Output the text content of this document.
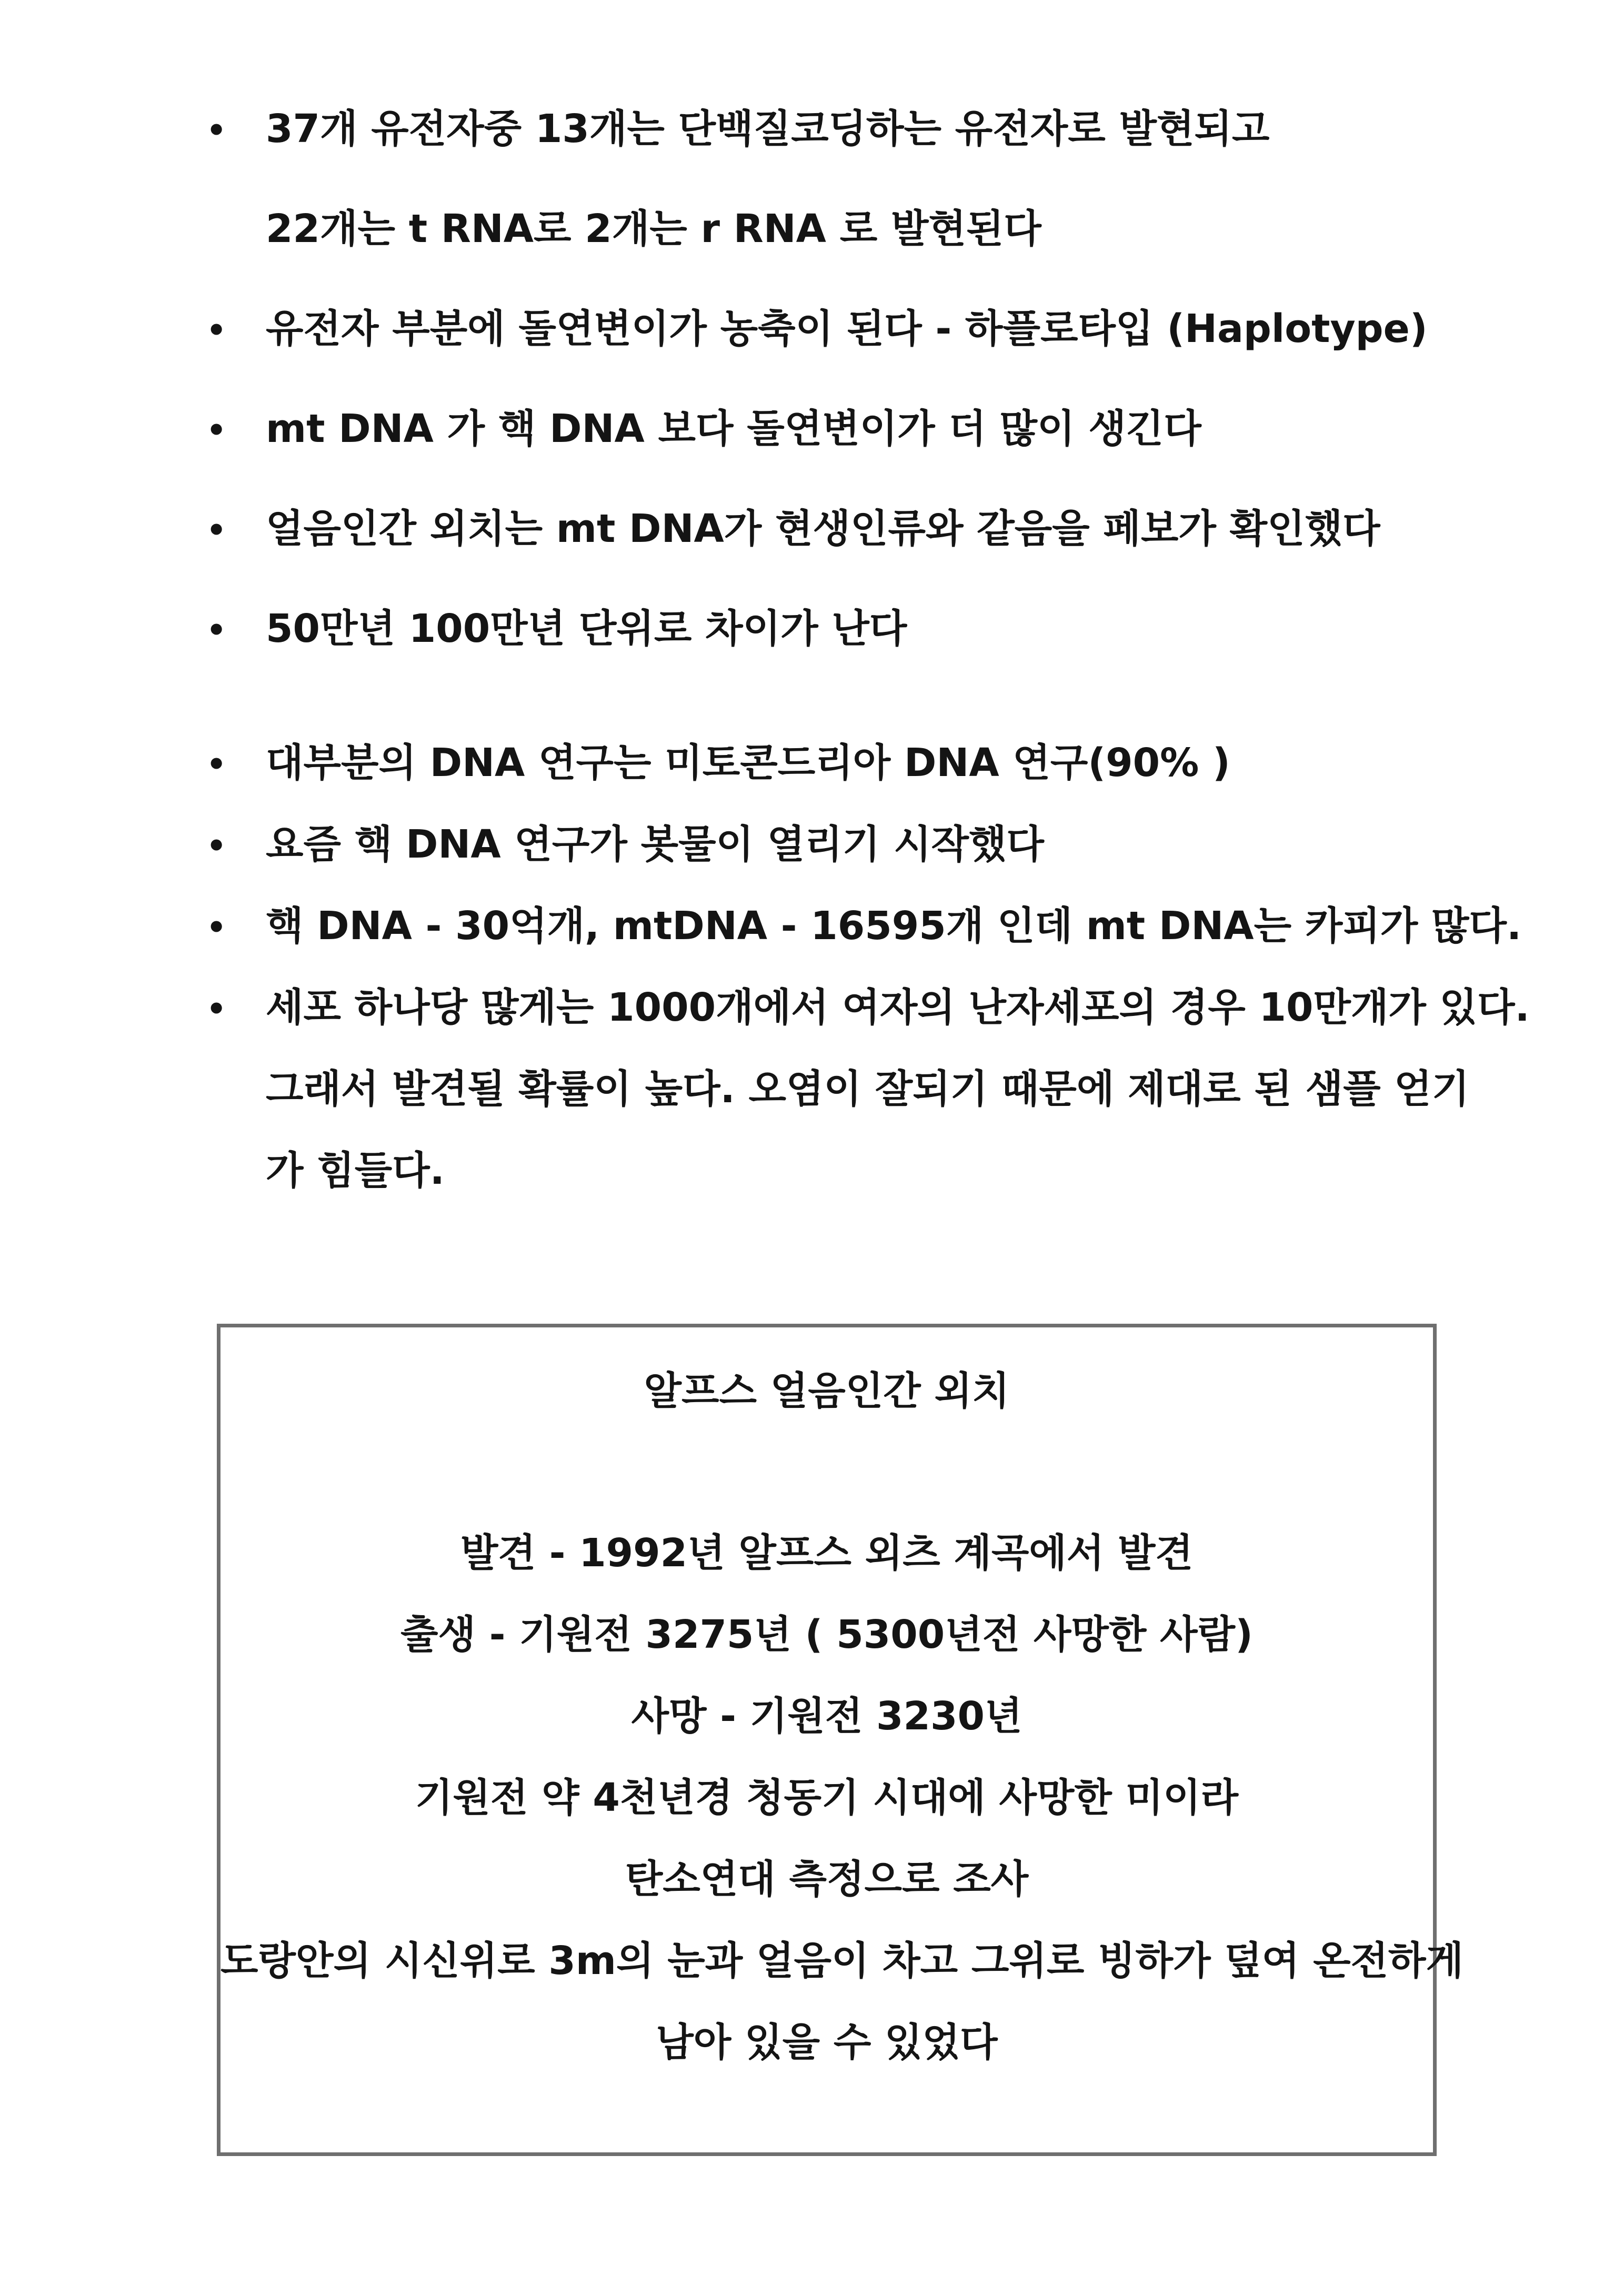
• 37개 유전자중 13개는 단백질코딩하는 유전자로 발현되고
22개는 t RNA로 2개는 r RNA 로 발현된다
• 유전자 부분에 돌연변이가 농축이 된다 - 하플로타입 (Haplotype)
• mt DNA 가 핵 DNA 보다 돌연변이가 더 많이 생긴다
• 얼음인간 외치는 mt DNA가 현생인류와 같음을 페보가 확인했다
• 50만년 100만년 단위로 차이가 난다
• 대부분의 DNA 연구는 미토콘드리아 DNA 연구(90% )
• 요즘 핵 DNA 연구가 봇물이 열리기 시작했다
• 핵 DNA - 30억개, mtDNA - 16595개 인데 mt DNA는 카피가 많다.
• 세포 하나당 많게는 1000개에서 여자의 난자세포의 경우 10만개가 있다.
그래서 발견될 확률이 높다. 오염이 잘되기 때문에 제대로 된 샘플 얻기
가 힘들다.
알프스 얼음인간 외치
발견 - 1992년 알프스 외츠 계곡에서 발견
출생 - 기원전 3275년 ( 5300년전 사망한 사람)
사망 - 기원전 3230년
기원전 약 4천년경 청동기 시대에 사망한 미이라
탄소연대 측정으로 조사
도랑안의 시신위로 3m의 눈과 얼음이 차고 그위로 빙하가 덮여 온전하게
남아 있을 수 있었다
